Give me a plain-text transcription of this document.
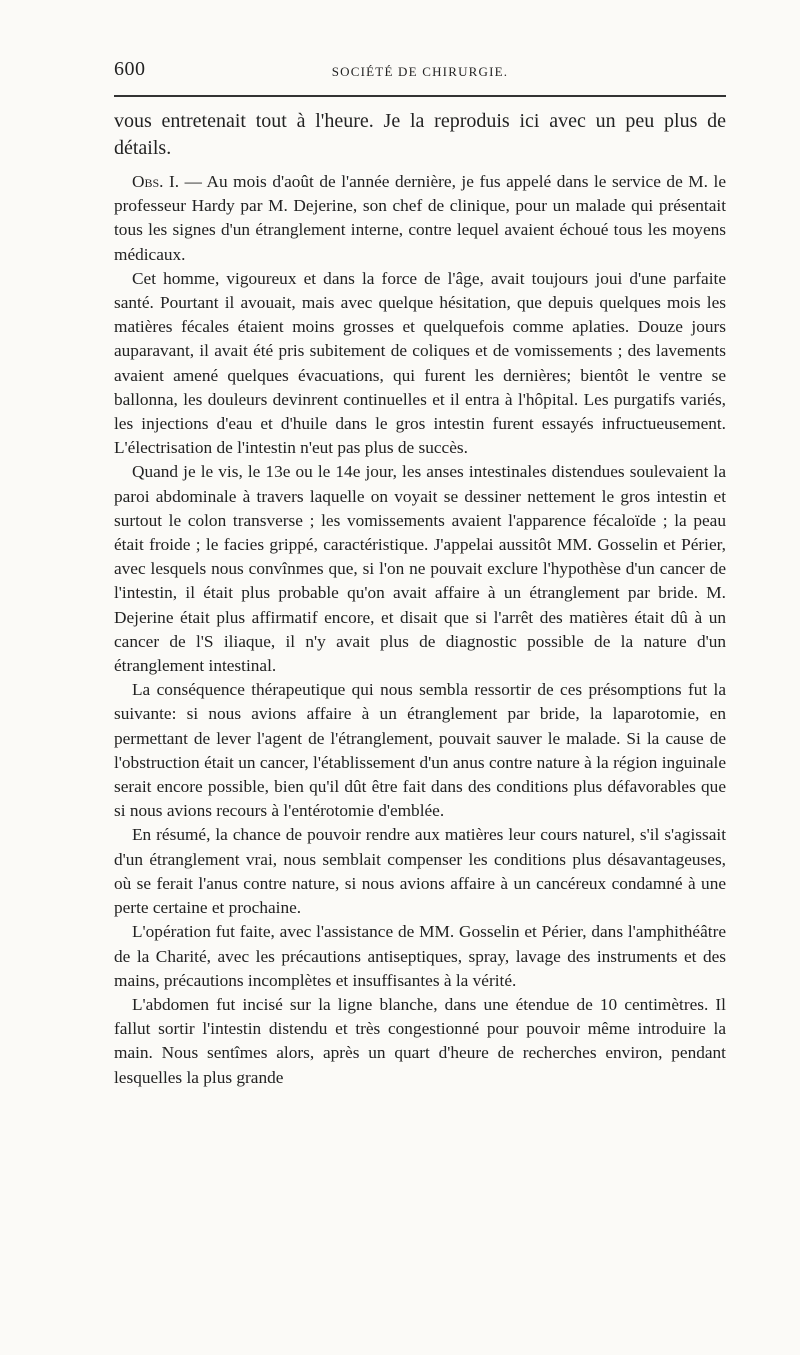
600	SOCIÉTÉ DE CHIRURGIE.

vous entretenait tout à l'heure. Je la reproduis ici avec un peu plus de détails.

Obs. I. — Au mois d'août de l'année dernière, je fus appelé dans le service de M. le professeur Hardy par M. Dejerine, son chef de clinique, pour un malade qui présentait tous les signes d'un étranglement interne, contre lequel avaient échoué tous les moyens médicaux.

Cet homme, vigoureux et dans la force de l'âge, avait toujours joui d'une parfaite santé. Pourtant il avouait, mais avec quelque hésitation, que depuis quelques mois les matières fécales étaient moins grosses et quelquefois comme aplaties. Douze jours auparavant, il avait été pris subitement de coliques et de vomissements ; des lavements avaient amené quelques évacuations, qui furent les dernières; bientôt le ventre se ballonna, les douleurs devinrent continuelles et il entra à l'hôpital. Les purgatifs variés, les injections d'eau et d'huile dans le gros intestin furent essayés infructueusement. L'électrisation de l'intestin n'eut pas plus de succès.

Quand je le vis, le 13e ou le 14e jour, les anses intestinales distendues soulevaient la paroi abdominale à travers laquelle on voyait se dessiner nettement le gros intestin et surtout le colon transverse ; les vomissements avaient l'apparence fécaloïde ; la peau était froide ; le facies grippé, caractéristique. J'appelai aussitôt MM. Gosselin et Périer, avec lesquels nous convînmes que, si l'on ne pouvait exclure l'hypothèse d'un cancer de l'intestin, il était plus probable qu'on avait affaire à un étranglement par bride. M. Dejerine était plus affirmatif encore, et disait que si l'arrêt des matières était dû à un cancer de l'S iliaque, il n'y avait plus de diagnostic possible de la nature d'un étranglement intestinal.

La conséquence thérapeutique qui nous sembla ressortir de ces présomptions fut la suivante: si nous avions affaire à un étranglement par bride, la laparotomie, en permettant de lever l'agent de l'étranglement, pouvait sauver le malade. Si la cause de l'obstruction était un cancer, l'établissement d'un anus contre nature à la région inguinale serait encore possible, bien qu'il dût être fait dans des conditions plus défavorables que si nous avions recours à l'entérotomie d'emblée.

En résumé, la chance de pouvoir rendre aux matières leur cours naturel, s'il s'agissait d'un étranglement vrai, nous semblait compenser les conditions plus désavantageuses, où se ferait l'anus contre nature, si nous avions affaire à un cancéreux condamné à une perte certaine et prochaine.

L'opération fut faite, avec l'assistance de MM. Gosselin et Périer, dans l'amphithéâtre de la Charité, avec les précautions antiseptiques, spray, lavage des instruments et des mains, précautions incomplètes et insuffisantes à la vérité.

L'abdomen fut incisé sur la ligne blanche, dans une étendue de 10 centimètres. Il fallut sortir l'intestin distendu et très congestionné pour pouvoir même introduire la main. Nous sentîmes alors, après un quart d'heure de recherches environ, pendant lesquelles la plus grande
